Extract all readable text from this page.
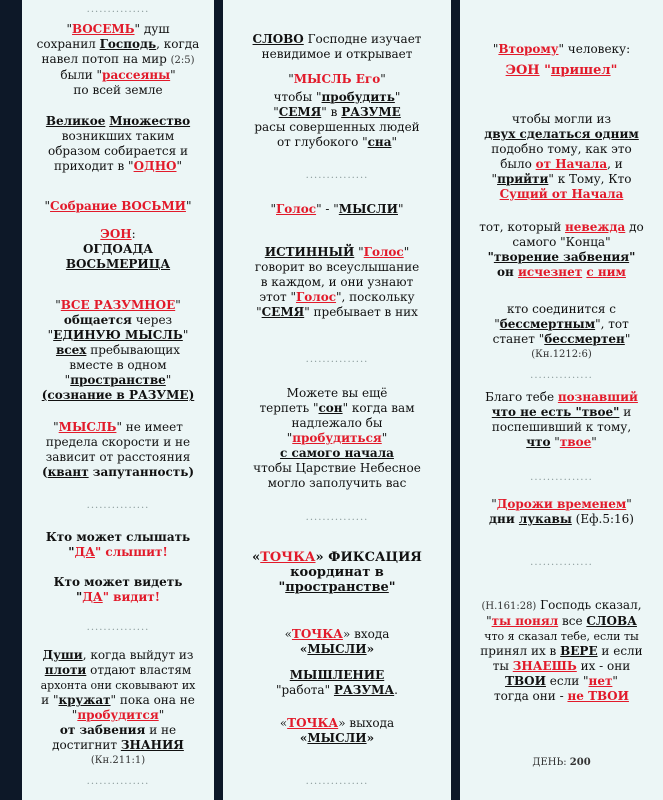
...............
"ВОСЕМЬ" душ
сохранил Господь, когда
навел потоп на мир (2:5)
были "рассеяны"
по всей земле
Великое Множество
возникших таким
образом собирается и
приходит в "ОДНО"
"Собрание ВОСЬМИ"
ЭОН:
ОГДОАДА
ВОСЬМЕРИЦА
"ВСЕ РАЗУМНОЕ"
общается через
"ЕДИНУЮ МЫСЛЬ"
всех пребывающих
вместе в одном
"пространстве"
(сознание в РАЗУМЕ)
"МЫСЛЬ" не имеет
предела скорости и не
зависит от расстояния
(квант запутанность)
...............
Кто может слышать
"ДА" слышит!
Кто может видеть
"ДА" видит!
...............
Души, когда выйдут из
плоти отдают властям
архонта они сковывают их
и "кружат" пока она не
"пробудится"
от забвения и не
достигнит ЗНАНИЯ
(Кн.211:1)
...............
СЛОВО Господне изучает
невидимое и открывает
"МЫСЛЬ Его"
чтобы "пробудить"
"СЕМЯ" в РАЗУМЕ
расы совершенных людей
от глубокого "сна"
...............
"Голос" - "МЫСЛИ"
ИСТИННЫЙ "Голос"
говорит во всеуслышание
в каждом, и они узнают
этот "Голос", поскольку
"СЕМЯ" пребывает в них
...............
Можете вы ещё
терпеть "сон" когда вам
надлежало бы
"пробудиться"
с самого начала
чтобы Царствие Небесное
могло заполучить вас
...............
«ТОЧКА» ФИКСАЦИЯ
координат в
"пространстве"
«ТОЧКА» входа
«МЫСЛИ»
МЫШЛЕНИЕ
"работа" РАЗУМА.
«ТОЧКА» выхода
«МЫСЛИ»
...............
"Второму" человеку:
ЭОН "пришел"
чтобы могли из
двух сделаться одним
подобно тому, как это
было от Начала, и
"прийти" к Тому, Кто
Сущий от Начала
тот, который невежда до
самого "Конца"
"творение забвения"
он исчезнет с ним
кто соединится с
"бессмертным", тот
станет "бессмертен"
(Кн.1212:6)
...............
Благо тебе познавший
что не есть "твое" и
поспешивший к тому,
что "твое"
...............
"Дорожи временем"
дни лукавы (Еф.5:16)
...............
(Н.161:28) Господь сказал,
"ты понял все СЛОВА
что я сказал тебе, если ты
принял их в ВЕРЕ и если
ты ЗНАЕШЬ их - они
ТВОИ если "нет"
тогда они - не ТВОИ
ДЕНЬ: 200
